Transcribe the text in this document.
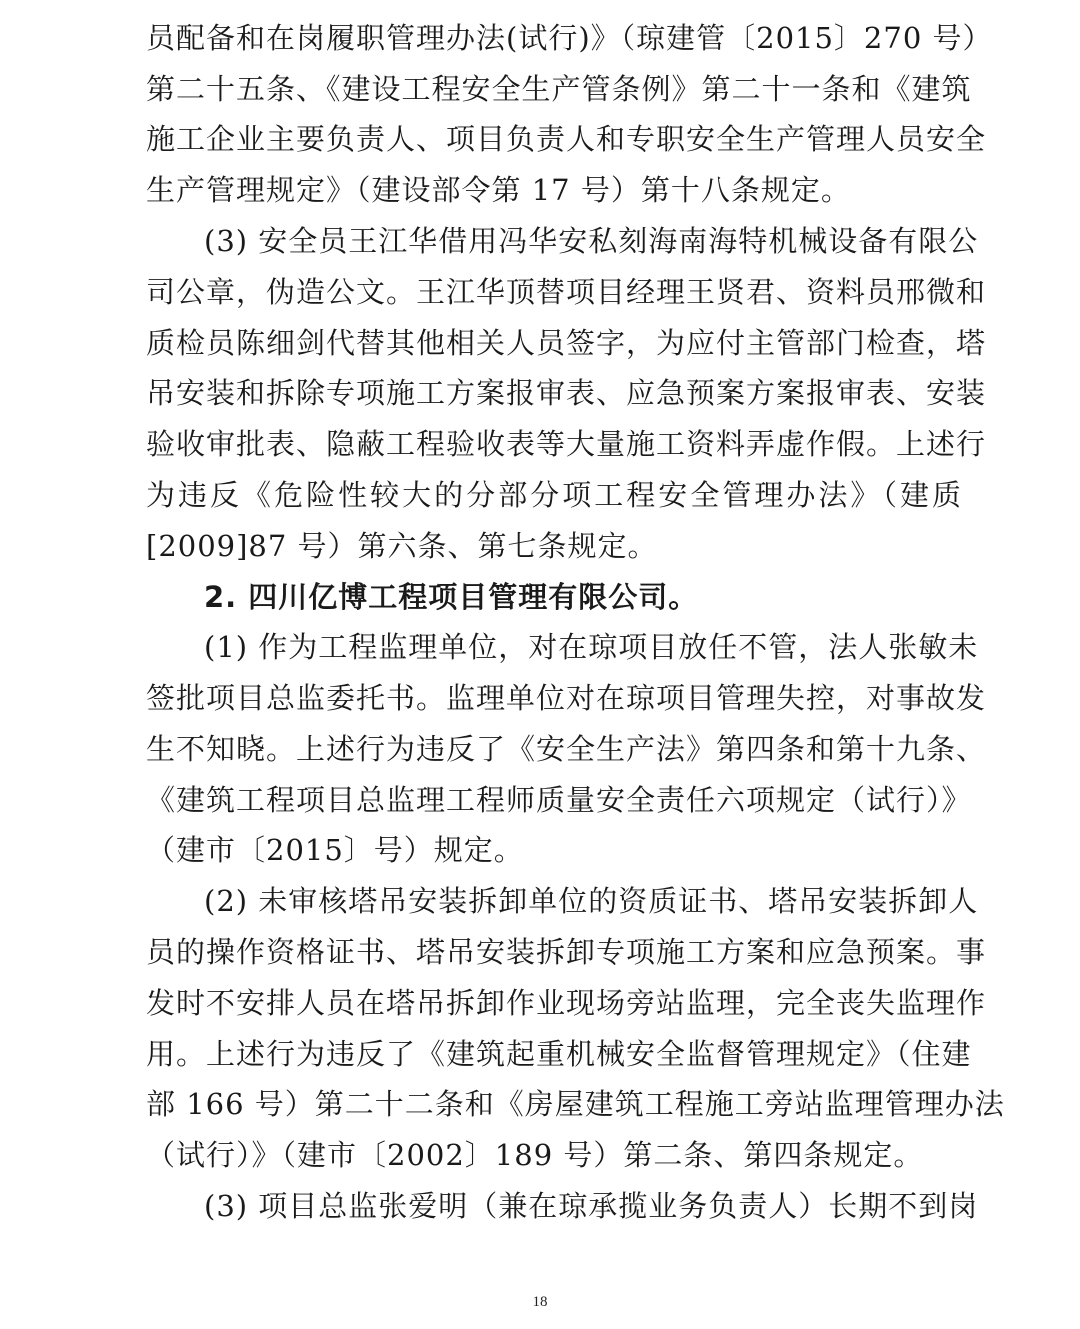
员配备和在岗履职管理办法(试行)》（琼建管〔2015〕270 号）
第二十五条、《建设工程安全生产管条例》第二十一条和《建筑
施工企业主要负责人、项目负责人和专职安全生产管理人员安全
生产管理规定》（建设部令第 17 号）第十八条规定。
(3) 安全员王江华借用冯华安私刻海南海特机械设备有限公
司公章，伪造公文。王江华顶替项目经理王贤君、资料员邢微和
质检员陈细剑代替其他相关人员签字，为应付主管部门检查，塔
吊安装和拆除专项施工方案报审表、应急预案方案报审表、安装
验收审批表、隐蔽工程验收表等大量施工资料弄虚作假。上述行
为违反《危险性较大的分部分项工程安全管理办法》（建质
[2009]87 号）第六条、第七条规定。
2. 四川亿博工程项目管理有限公司。
(1) 作为工程监理单位，对在琼项目放任不管，法人张敏未
签批项目总监委托书。监理单位对在琼项目管理失控，对事故发
生不知晓。上述行为违反了《安全生产法》第四条和第十九条、
《建筑工程项目总监理工程师质量安全责任六项规定（试行）》
（建市〔2015〕号）规定。
(2) 未审核塔吊安装拆卸单位的资质证书、塔吊安装拆卸人
员的操作资格证书、塔吊安装拆卸专项施工方案和应急预案。事
发时不安排人员在塔吊拆卸作业现场旁站监理，完全丧失监理作
用。上述行为违反了《建筑起重机械安全监督管理规定》（住建
部 166 号）第二十二条和《房屋建筑工程施工旁站监理管理办法
（试行）》（建市〔2002〕189 号）第二条、第四条规定。
(3) 项目总监张爱明（兼在琼承揽业务负责人）长期不到岗
18
